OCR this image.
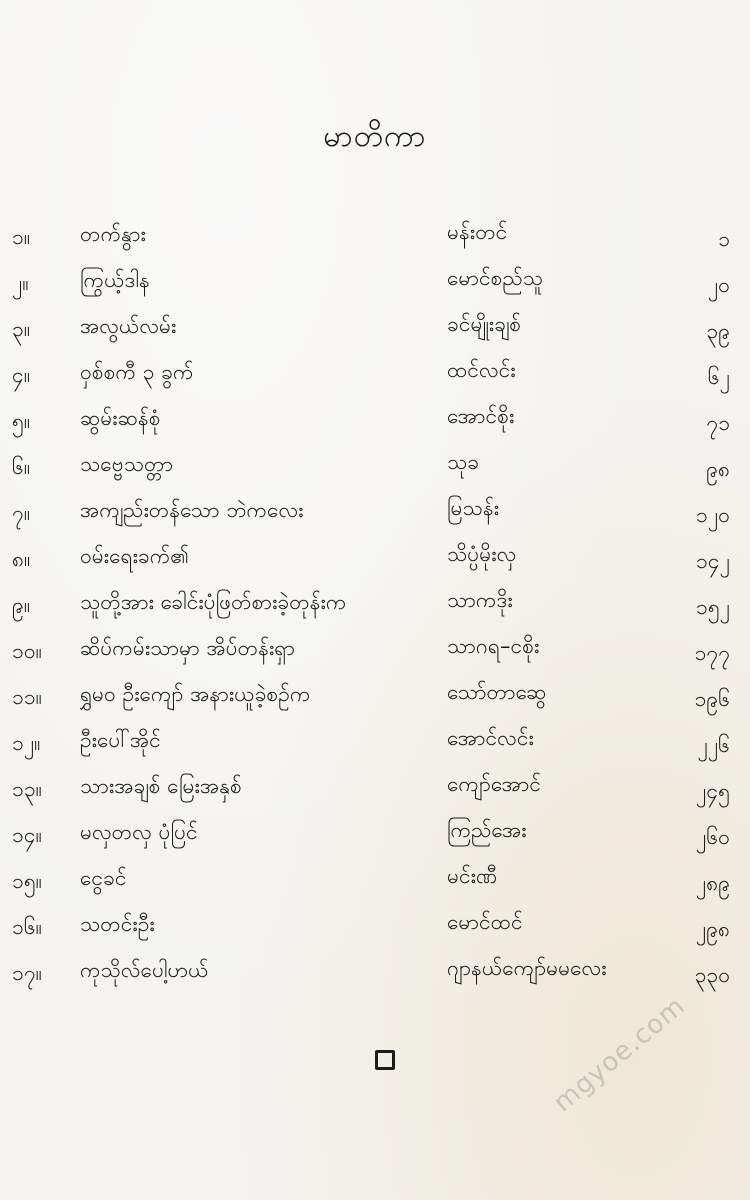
မာတိကာ
၁။	တက်နွား	မန်းတင်	၁
၂။	ကြွယ့်ဒါန	မောင်စည်သူ	၂၀
၃။	အလွယ်လမ်း	ခင်မျိုးချစ်	၃၉
၄။	ဝှစ်စကီ ၃ ခွက်	ထင်လင်း	၆၂
၅။	ဆွမ်းဆန်စုံ	အောင်စိုး	၇၁
၆။	သဗ္ဗေသတ္တာ	သုခ	၉၈
၇။	အကျည်းတန်သော ဘဲကလေး	မြသန်း	၁၂၀
၈။	ဝမ်းရေးခက်၏	သိပ္ပံမိုးလှ	၁၄၂
၉။	သူတို့အား ခေါင်းပုံဖြတ်စားခဲ့တုန်းက	သာကဒိုး	၁၅၂
၁၀။	ဆိပ်ကမ်းသာမှာ အိပ်တန်းရှာ	သာဂရ–ငစိုး	၁၇၇
၁၁။	ရွှမ၀ ဦးကျော် အနားယူခဲ့စဉ်က	သော်တာဆွေ	၁၉၆
၁၂။	ဦးပေါ်အိုင်	အောင်လင်း	၂၂၆
၁၃။	သားအချစ် မြေးအနှစ်	ကျော်အောင်	၂၄၅
၁၄။	မလှတလှ ပုံပြင်	ကြည်အေး	၂၆၀
၁၅။	ငွေခင်	မင်းဏီ	၂၈၉
၁၆။	သတင်းဦး	မောင်ထင်	၂၉၈
၁၇။	ကုသိုလ်ပေါ့ဟယ်	ဂျာနယ်ကျော်မမလေး	၃၃၀
mgyoe.com
